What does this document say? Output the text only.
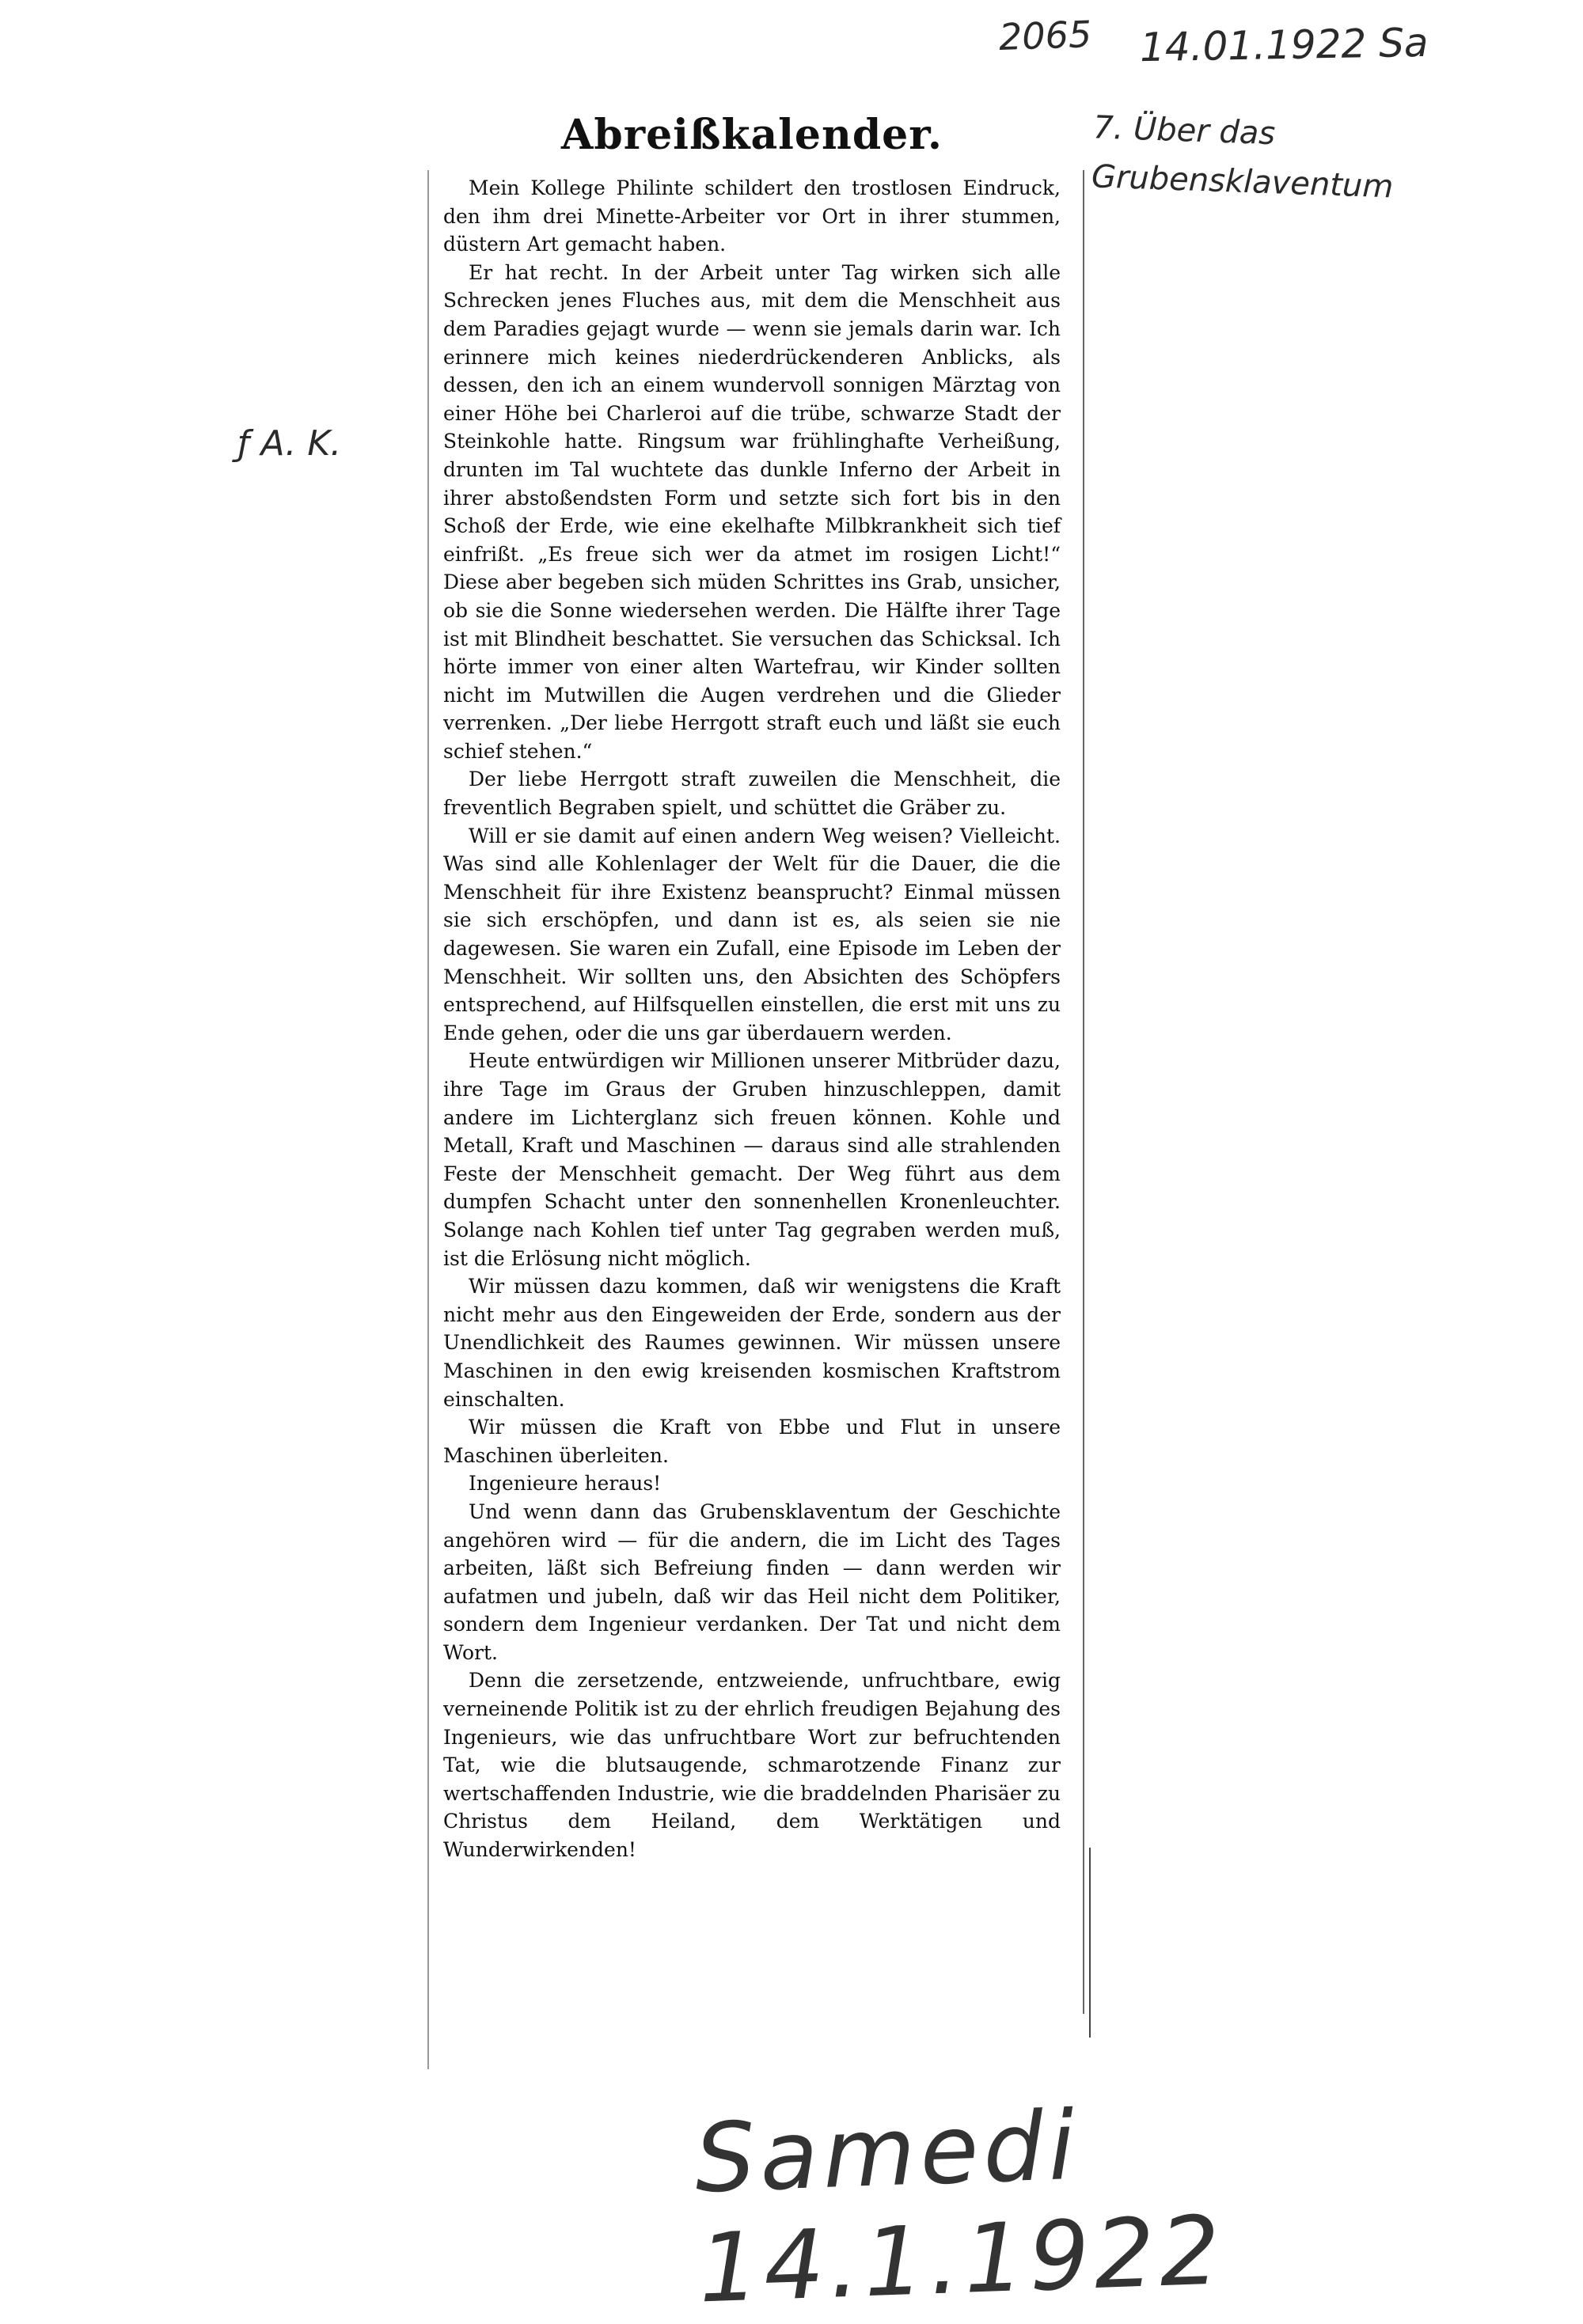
2065 14.01.1922 Sa
7. Über das Grubensklaventum
ƒ A. K.
Samedi 14.1.1922
Abreißkalender.

Mein Kollege Philinte schildert den trostlosen Eindruck, den ihm drei Minette-Arbeiter vor Ort in ihrer stummen, düstern Art gemacht haben.

Er hat recht. In der Arbeit unter Tag wirken sich alle Schrecken jenes Fluches aus, mit dem die Menschheit aus dem Paradies gejagt wurde — wenn sie jemals darin war. Ich erinnere mich keines niederdrückenderen Anblicks, als dessen, den ich an einem wundervoll sonnigen Märztag von einer Höhe bei Charleroi auf die trübe, schwarze Stadt der Steinkohle hatte. Ringsum war frühlinghafte Verheißung, drunten im Tal wuchtete das dunkle Inferno der Arbeit in ihrer abstoßendsten Form und setzte sich fort bis in den Schoß der Erde, wie eine ekelhafte Milbkrankheit sich tief einfrißt. „Es freue sich wer da atmet im rosigen Licht!“ Diese aber begeben sich müden Schrittes ins Grab, unsicher, ob sie die Sonne wiedersehen werden. Die Hälfte ihrer Tage ist mit Blindheit beschattet. Sie versuchen das Schicksal. Ich hörte immer von einer alten Wartefrau, wir Kinder sollten nicht im Mutwillen die Augen verdrehen und die Glieder verrenken. „Der liebe Herrgott straft euch und läßt sie euch schief stehen.“

Der liebe Herrgott straft zuweilen die Menschheit, die freventlich Begraben spielt, und schüttet die Gräber zu.

Will er sie damit auf einen andern Weg weisen? Vielleicht. Was sind alle Kohlenlager der Welt für die Dauer, die die Menschheit für ihre Existenz beansprucht? Einmal müssen sie sich erschöpfen, und dann ist es, als seien sie nie dagewesen. Sie waren ein Zufall, eine Episode im Leben der Menschheit. Wir sollten uns, den Absichten des Schöpfers entsprechend, auf Hilfsquellen einstellen, die erst mit uns zu Ende gehen, oder die uns gar überdauern werden.

Heute entwürdigen wir Millionen unserer Mitbrüder dazu, ihre Tage im Graus der Gruben hinzuschleppen, damit andere im Lichterglanz sich freuen können. Kohle und Metall, Kraft und Maschinen — daraus sind alle strahlenden Feste der Menschheit gemacht. Der Weg führt aus dem dumpfen Schacht unter den sonnenhellen Kronenleuchter. Solange nach Kohlen tief unter Tag gegraben werden muß, ist die Erlösung nicht möglich.

Wir müssen dazu kommen, daß wir wenigstens die Kraft nicht mehr aus den Eingeweiden der Erde, sondern aus der Unendlichkeit des Raumes gewinnen. Wir müssen unsere Maschinen in den ewig kreisenden kosmischen Kraftstrom einschalten.

Wir müssen die Kraft von Ebbe und Flut in unsere Maschinen überleiten.

Ingenieure heraus!

Und wenn dann das Grubensklaventum der Geschichte angehören wird — für die andern, die im Licht des Tages arbeiten, läßt sich Befreiung finden — dann werden wir aufatmen und jubeln, daß wir das Heil nicht dem Politiker, sondern dem Ingenieur verdanken. Der Tat und nicht dem Wort.

Denn die zersetzende, entzweiende, unfruchtbare, ewig verneinende Politik ist zu der ehrlich freudigen Bejahung des Ingenieurs, wie das unfruchtbare Wort zur befruchtenden Tat, wie die blutsaugende, schmarotzende Finanz zur wertschaffenden Industrie, wie die braddelnden Pharisäer zu Christus dem Heiland, dem Werktätigen und Wunderwirkenden!
